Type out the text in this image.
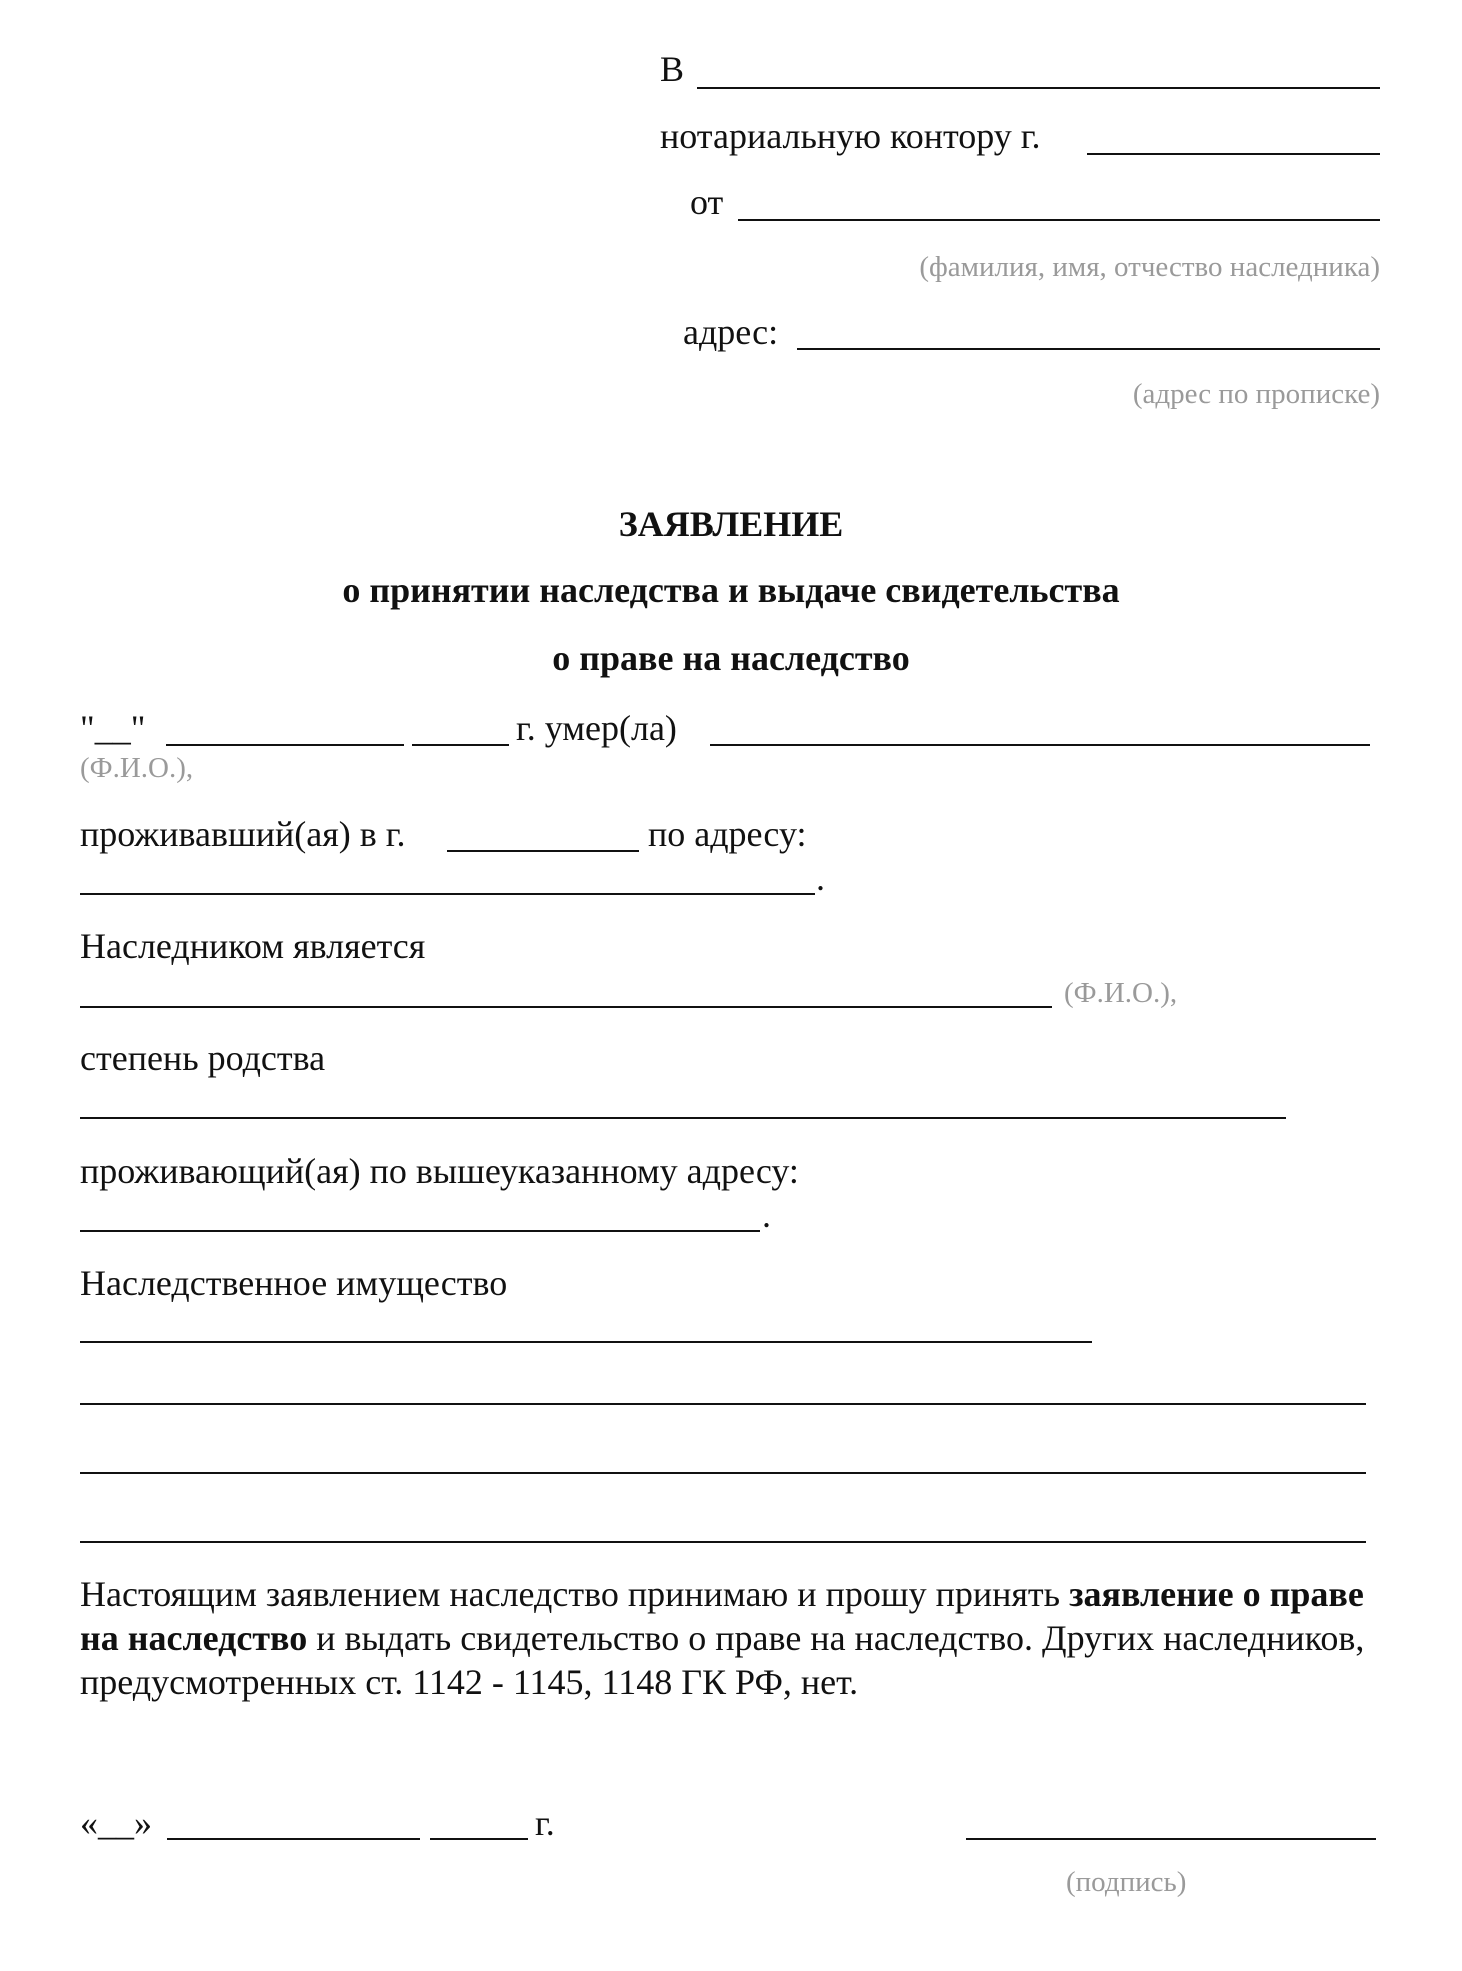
В
нотариальную контору г.
от
(фамилия, имя, отчество наследника)
адрес:
(адрес по прописке)
ЗАЯВЛЕНИЕ
о принятии наследства и выдаче свидетельства
о праве на наследство
"__"	г. умер(ла)
(Ф.И.О.),
проживавший(ая) в г.	по адресу:
.
Наследником является
(Ф.И.О.),
степень родства
проживающий(ая) по вышеуказанному адресу:
.
Наследственное имущество
Настоящим заявлением наследство принимаю и прошу принять заявление о праве на наследство и выдать свидетельство о праве на наследство. Других наследников, предусмотренных ст. 1142 - 1145, 1148 ГК РФ, нет.
«__»	г.
(подпись)
